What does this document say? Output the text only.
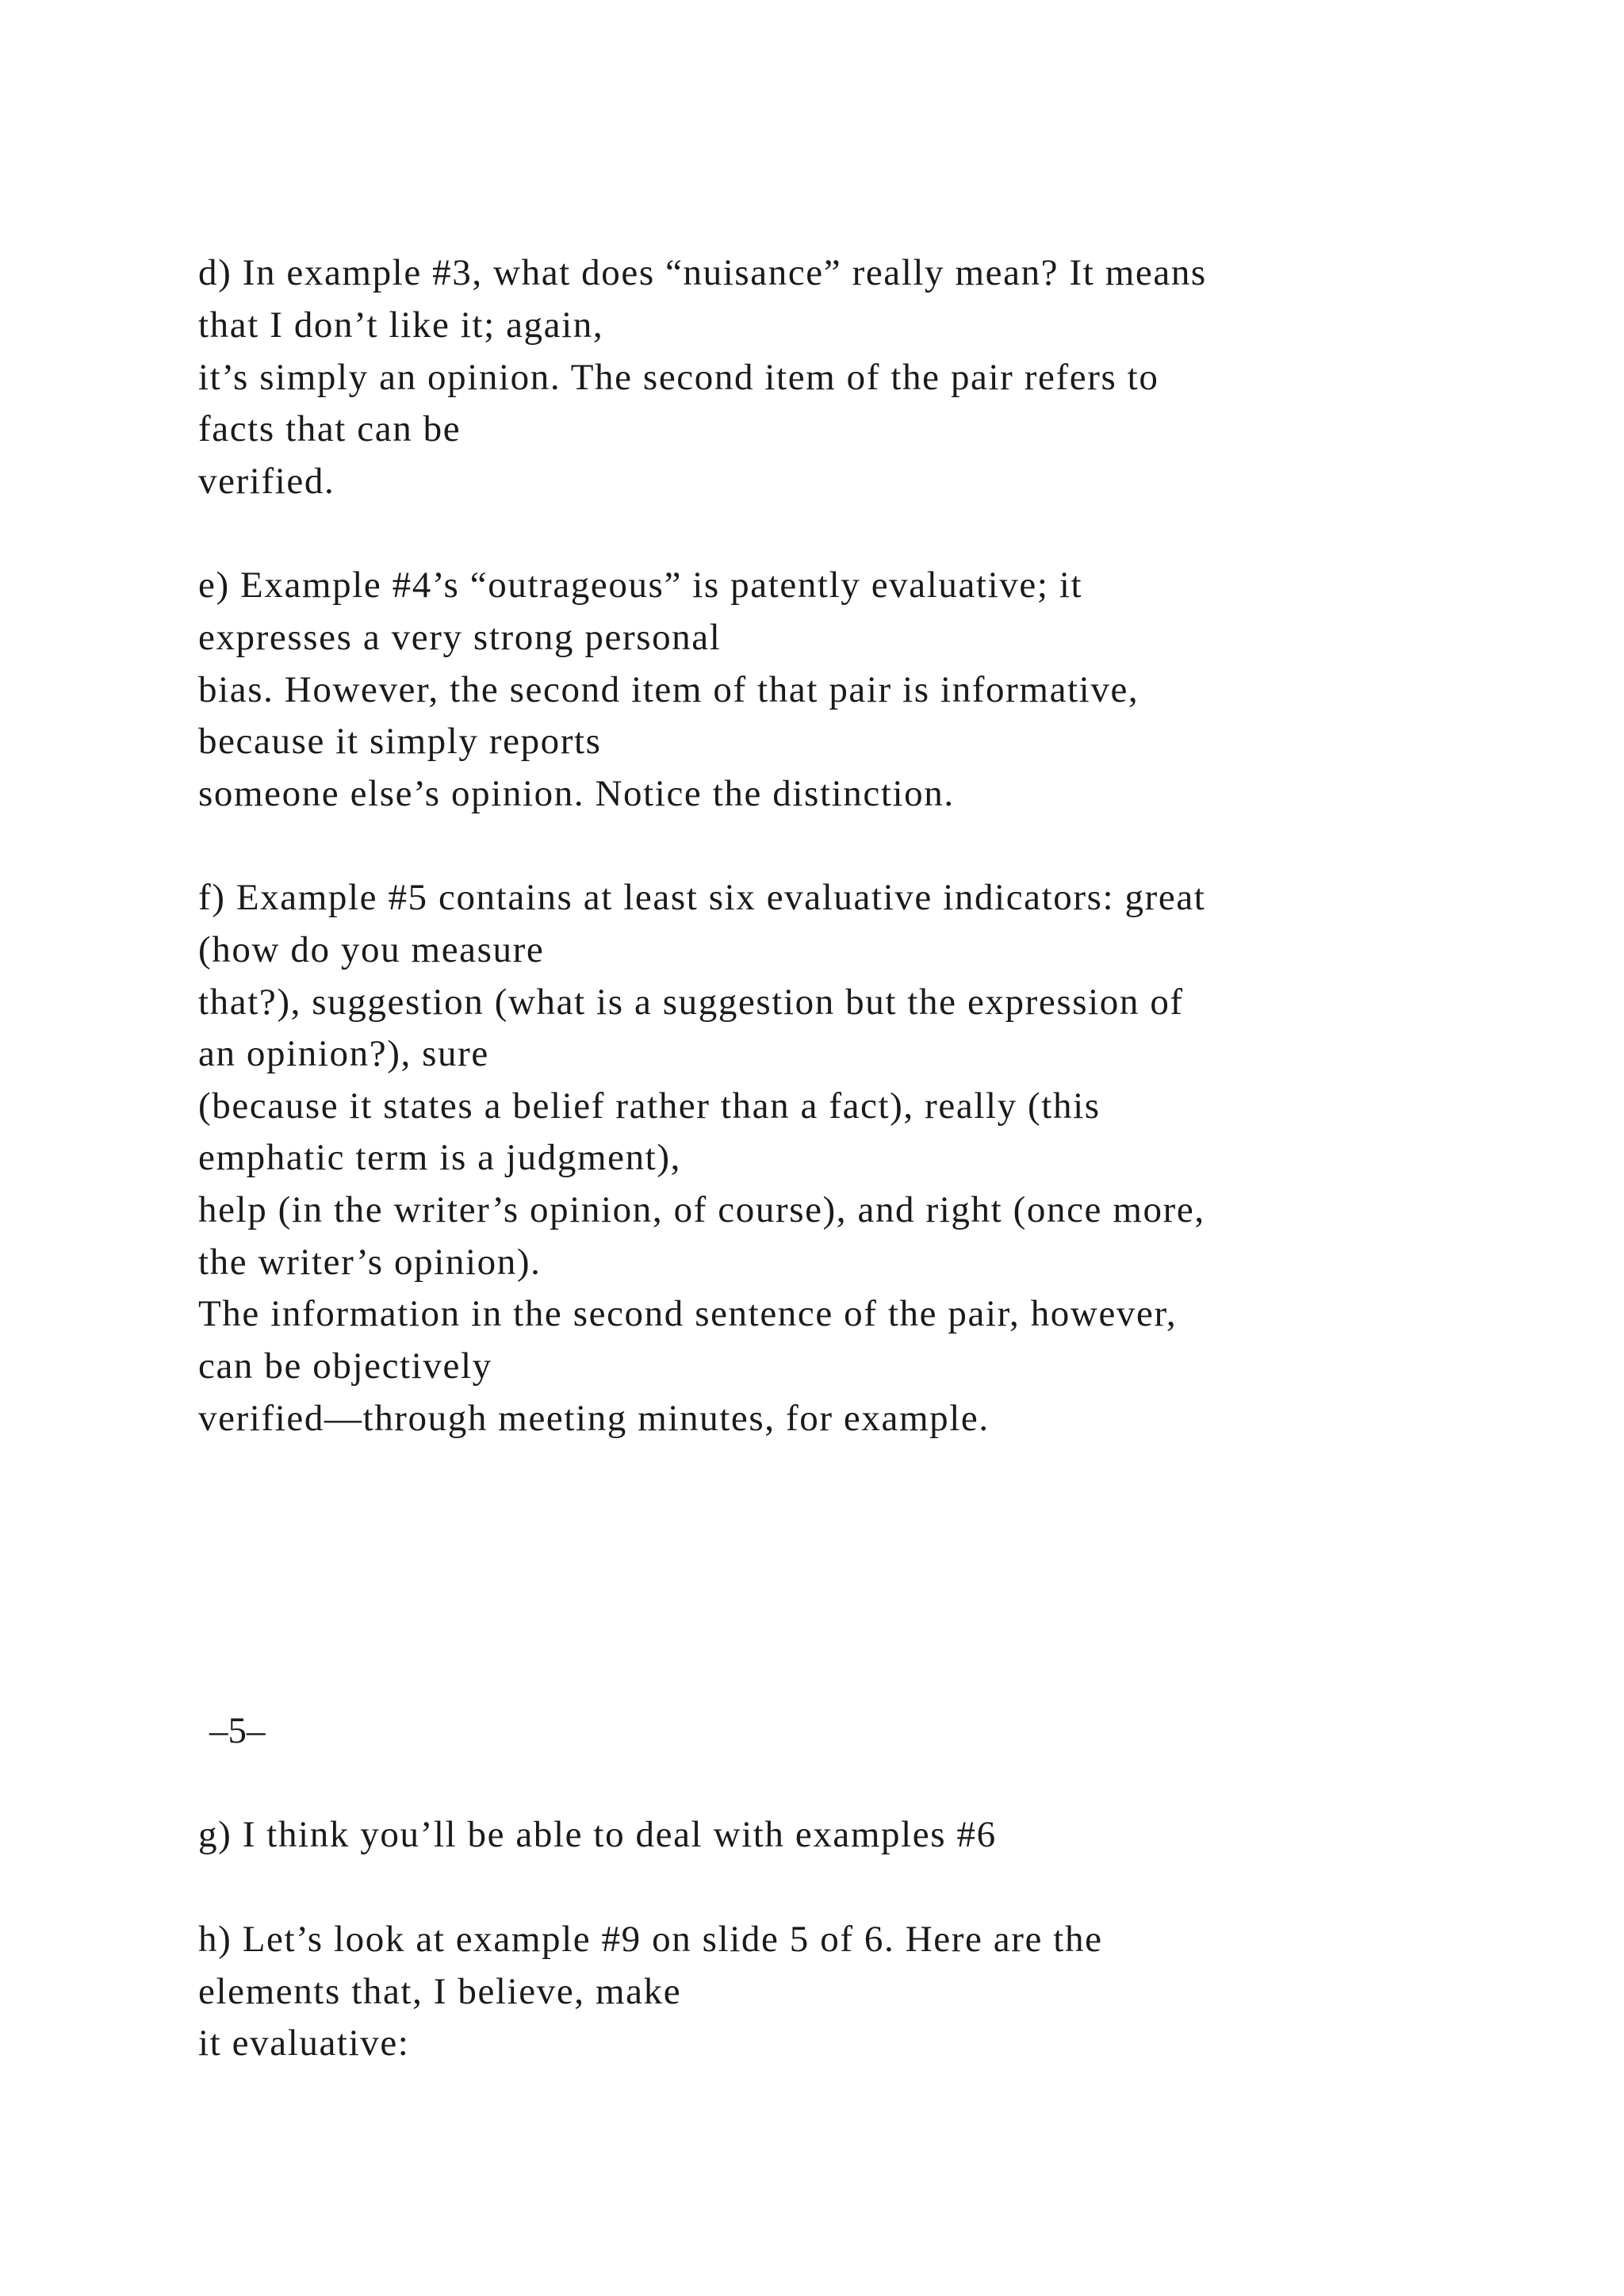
d) In example #3, what does “nuisance” really mean? It means

that I don’t like it; again,

it’s simply an opinion. The second item of the pair refers to

facts that can be

verified.

e) Example #4’s “outrageous” is patently evaluative; it

expresses a very strong personal

bias. However, the second item of that pair is informative,

because it simply reports

someone else’s opinion. Notice the distinction.

f) Example #5 contains at least six evaluative indicators: great

(how do you measure

that?), suggestion (what is a suggestion but the expression of

an opinion?), sure

(because it states a belief rather than a fact), really (this

emphatic term is a judgment),

help (in the writer’s opinion, of course), and right (once more,

the writer’s opinion).

The information in the second sentence of the pair, however,

can be objectively

verified—through meeting minutes, for example.

–5–

g) I think you’ll be able to deal with examples #6

h) Let’s look at example #9 on slide 5 of 6. Here are the

elements that, I believe, make

it evaluative:
